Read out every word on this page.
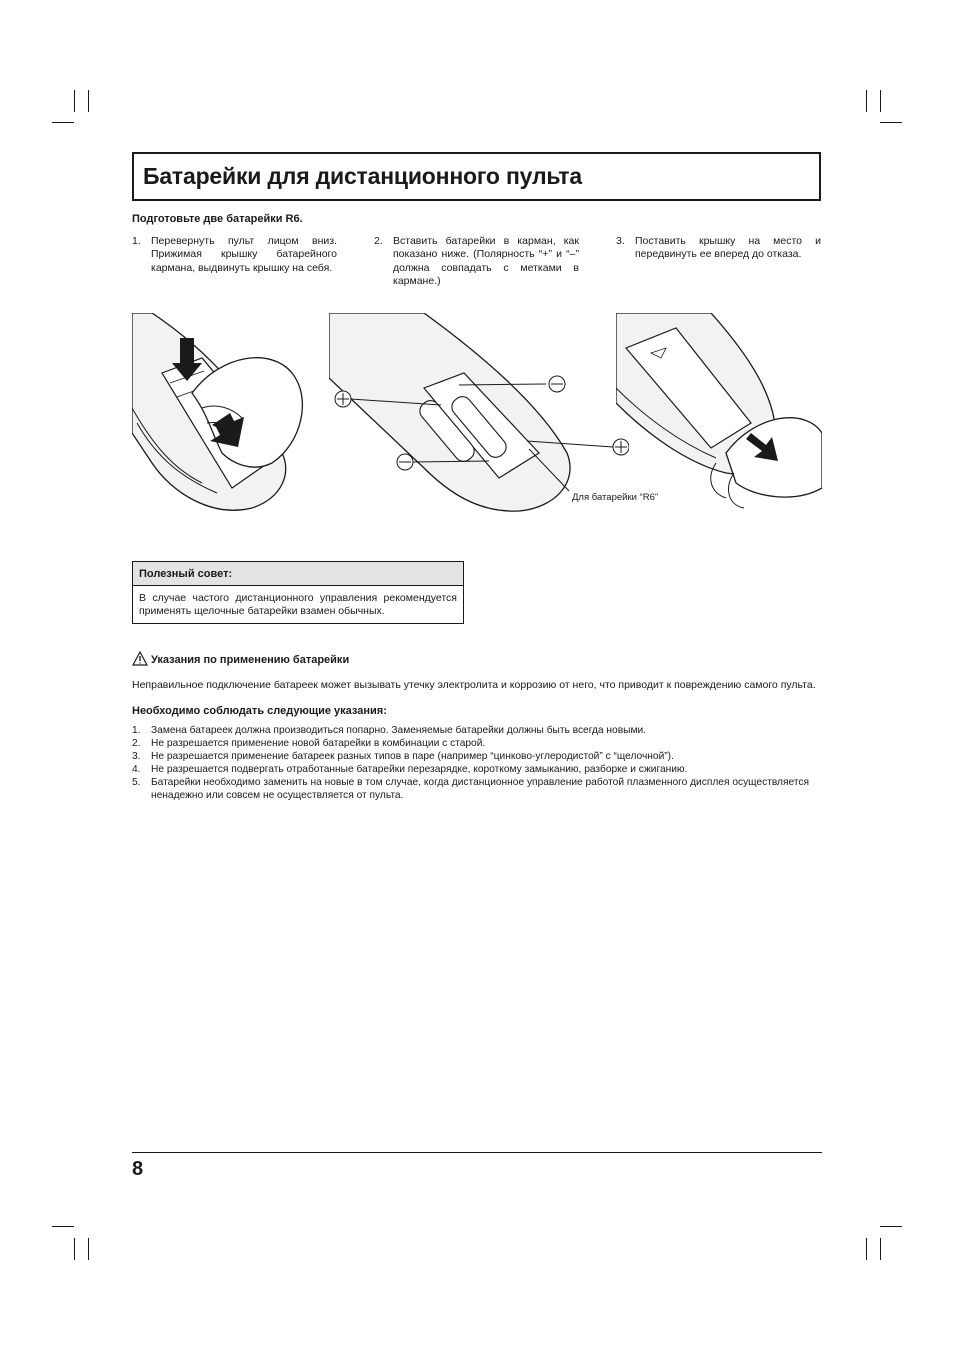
Батарейки для дистанционного пульта
Подготовьте две батарейки R6.
1. Перевернуть пульт лицом вниз. Прижимая крышку батарейного кармана, выдвинуть крышку на себя.
2. Вставить батарейки в карман, как показано ниже. (Полярность “+” и “–” должна совпадать с метками в кармане.)
3. Поставить крышку на место и передвинуть ее вперед до отказа.
Для батарейки “R6”
Полезный совет:
В случае частого дистанционного управления рекомендуется применять щелочные батарейки взамен обычных.
Указания по применению батарейки
Неправильное подключение батареек может вызывать утечку электролита и коррозию от него, что приводит к повреждению самого пульта.
Необходимо соблюдать следующие указания:
1. Замена батареек должна производиться попарно. Заменяемые батарейки должны быть всегда новыми.
2. Не разрешается применение новой батарейки в комбинации с старой.
3. Не разрешается применение батареек разных типов в паре (например “цинково-углеродистой” с “щелочной”).
4. Не разрешается подвергать отработанные батарейки перезарядке, короткому замыканию, разборке и сжиганию.
5. Батарейки необходимо заменить на новые в том случае, когда дистанционное управление работой плазменного дисплея осуществляется ненадежно или совсем не осуществляется от пульта.
8
